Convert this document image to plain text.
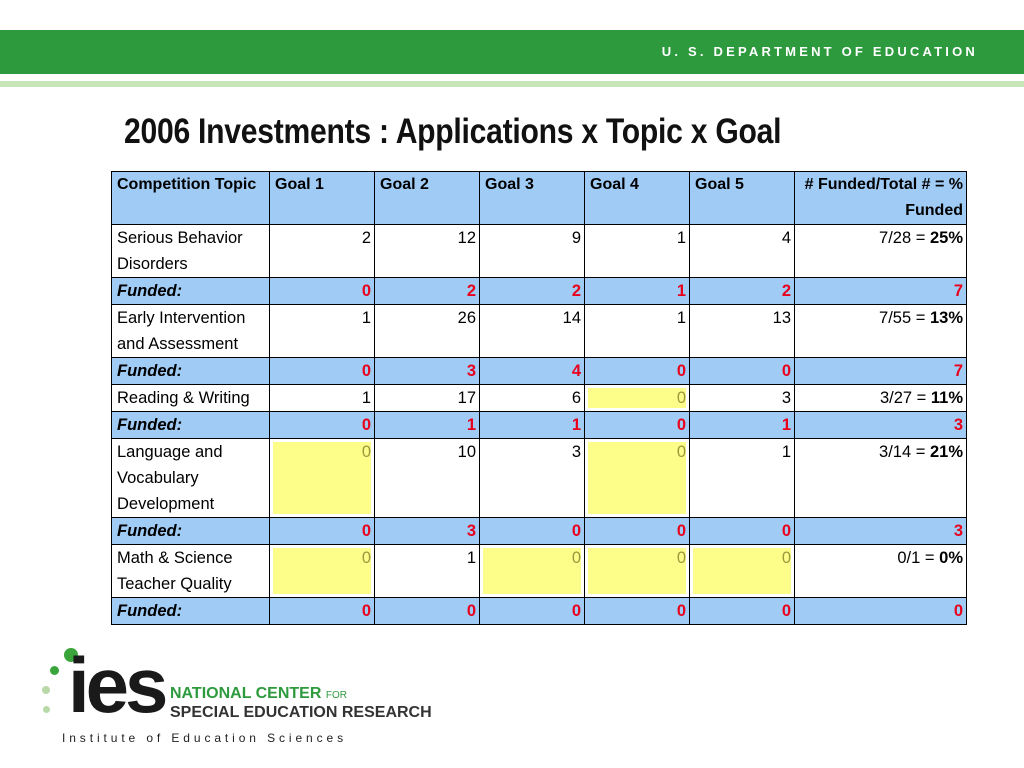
U. S. DEPARTMENT OF EDUCATION
2006 Investments : Applications x Topic x Goal
Competition Topic	Goal 1	Goal 2	Goal 3	Goal 4	Goal 5	# Funded/Total # = % Funded
Serious Behavior Disorders	2	12	9	1	4	7/28 = 25%
Funded:	0	2	2	1	2	7
Early Intervention and Assessment	1	26	14	1	13	7/55 = 13%
Funded:	0	3	4	0	0	7
Reading & Writing	1	17	6	0	3	3/27 = 11%
Funded:	0	1	1	0	1	3
Language and Vocabulary Development	0	10	3	0	1	3/14 = 21%
Funded:	0	3	0	0	0	3
Math & Science Teacher Quality	0	1	0	0	0	0/1 = 0%
Funded:	0	0	0	0	0	0
ies NATIONAL CENTER FOR
SPECIAL EDUCATION RESEARCH
Institute of Education Sciences
